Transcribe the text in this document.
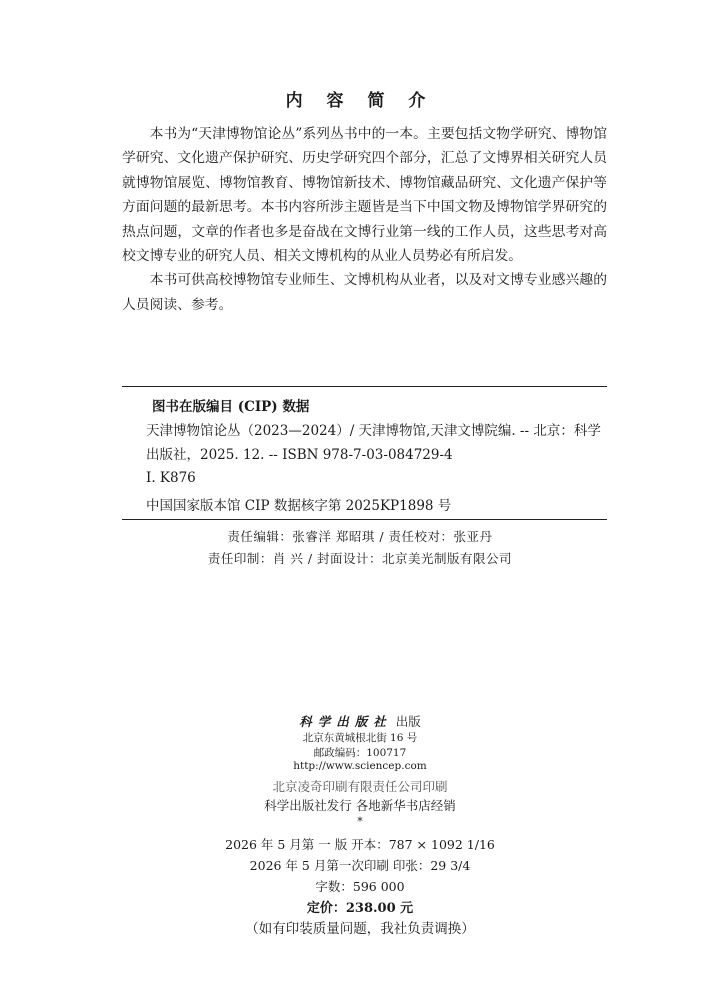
内 容 简 介

本书为“天津博物馆论丛”系列丛书中的一本。主要包括文物学研究、博物馆学研究、文化遗产保护研究、历史学研究四个部分，汇总了文博界相关研究人员就博物馆展览、博物馆教育、博物馆新技术、博物馆藏品研究、文化遗产保护等方面问题的最新思考。本书内容所涉主题皆是当下中国文物及博物馆学界研究的热点问题，文章的作者也多是奋战在文博行业第一线的工作人员，这些思考对高校文博专业的研究人员、相关文博机构的从业人员势必有所启发。

本书可供高校博物馆专业师生、文博机构从业者，以及对文博专业感兴趣的人员阅读、参考。

图书在版编目 (CIP) 数据
天津博物馆论丛（2023—2024）/ 天津博物馆,天津文博院编. -- 北京：科学出版社，2025. 12. -- ISBN 978-7-03-084729-4
Ⅰ. K876
中国国家版本馆 CIP 数据核字第 2025KP1898 号
责任编辑：张睿洋 郑昭琪 / 责任校对：张亚丹
责任印制：肖 兴 / 封面设计：北京美光制版有限公司
科学出版社 出版
北京东黄城根北街 16 号
邮政编码：100717
http://www.sciencep.com
北京凌奇印刷有限责任公司印刷
科学出版社发行 各地新华书店经销
*
2026 年 5 月第 一 版 开本：787 × 1092 1/16
2026 年 5 月第一次印刷 印张：29 3/4
字数：596 000
定价：238.00 元
（如有印装质量问题，我社负责调换）
